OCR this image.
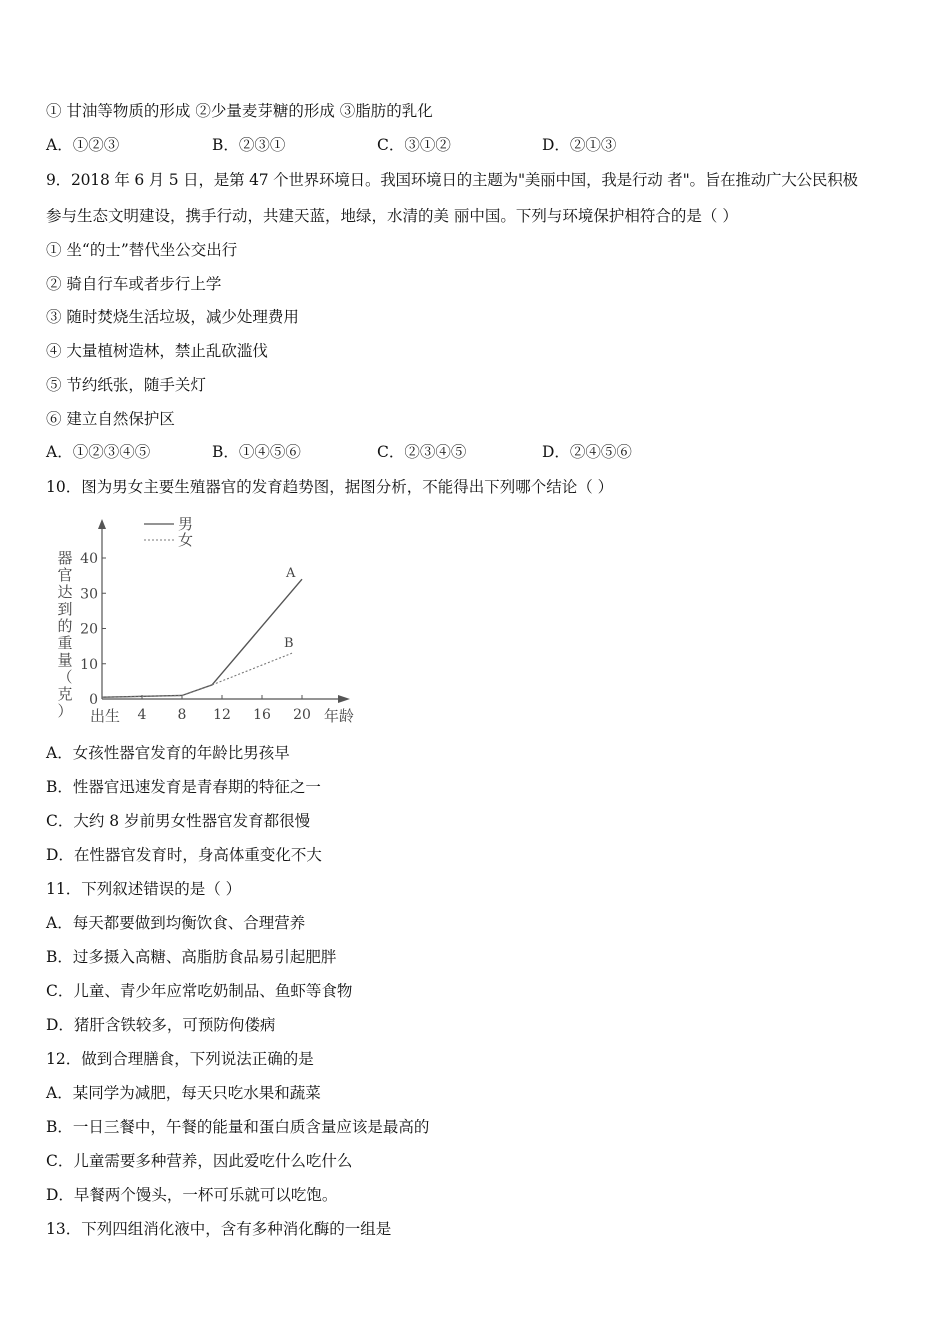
① 甘油等物质的形成 ②少量麦芽糖的形成 ③脂肪的乳化
A．①②③	B．②③①	C．③①②	D．②①③
9．2018 年 6 月 5 日，是第 47 个世界环境日。我国环境日的主题为"美丽中国，我是行动 者"。旨在推动广大公民积极
参与生态文明建设，携手行动，共建天蓝，地绿，水清的美 丽中国。下列与环境保护相符合的是（ ）
① 坐“的士”替代坐公交出行
② 骑自行车或者步行上学
③ 随时焚烧生活垃圾，减少处理费用
④ 大量植树造林，禁止乱砍滥伐
⑤ 节约纸张，随手关灯
⑥ 建立自然保护区
A．①②③④⑤	B．①④⑤⑥	C．②③④⑤	D．②④⑤⑥
10．图为男女主要生殖器官的发育趋势图，据图分析，不能得出下列哪个结论（ ）
男
女
器
官
达
到
的
重
量
（
克
）
0
10
20
30
40
4 8 12 16 20
出生	年龄
A
B
A．女孩性器官发育的年龄比男孩早
B．性器官迅速发育是青春期的特征之一
C．大约 8 岁前男女性器官发育都很慢
D．在性器官发育时，身高体重变化不大
11．下列叙述错误的是（ ）
A．每天都要做到均衡饮食、合理营养
B．过多摄入高糖、高脂肪食品易引起肥胖
C．儿童、青少年应常吃奶制品、鱼虾等食物
D．猪肝含铁较多，可预防佝偻病
12．做到合理膳食，下列说法正确的是
A．某同学为减肥，每天只吃水果和蔬菜
B．一日三餐中，午餐的能量和蛋白质含量应该是最高的
C．儿童需要多种营养，因此爱吃什么吃什么
D．早餐两个馒头，一杯可乐就可以吃饱。
13．下列四组消化液中，含有多种消化酶的一组是
